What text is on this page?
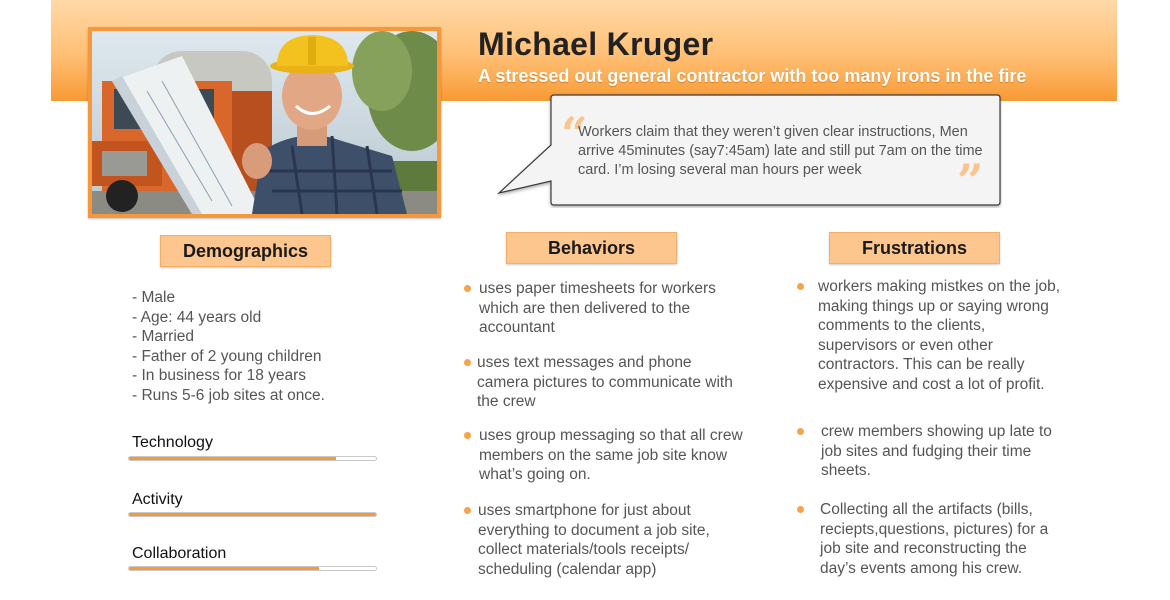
Michael Kruger

A stressed out general contractor with too many irons in the fire

“
Workers claim that they weren’t given clear instructions, Men arrive 45minutes (say7:45am) late and still put 7am on the time card. I’m losing several man hours per week	”
Demographics	Behaviors	Frustrations
- Male
- Age: 44 years old
- Married
- Father of 2 young children
- In business for 18 years
- Runs 5-6 job sites at once.
Technology
Activity
Collaboration
uses paper timesheets for workers which are then delivered to the accountant
uses text messages and phone camera pictures to communicate with the crew
uses group messaging so that all crew members on the same job site know what’s going on.
uses smartphone for just about everything to document a job site, collect materials/tools receipts/ scheduling (calendar app)
workers making mistkes on the job, making things up or saying wrong comments to the clients, supervisors or even other contractors. This can be really expensive and cost a lot of profit.
crew members showing up late to job sites and fudging their time sheets.
Collecting all the artifacts (bills, reciepts,questions, pictures) for a job site and reconstructing the day’s events among his crew.
